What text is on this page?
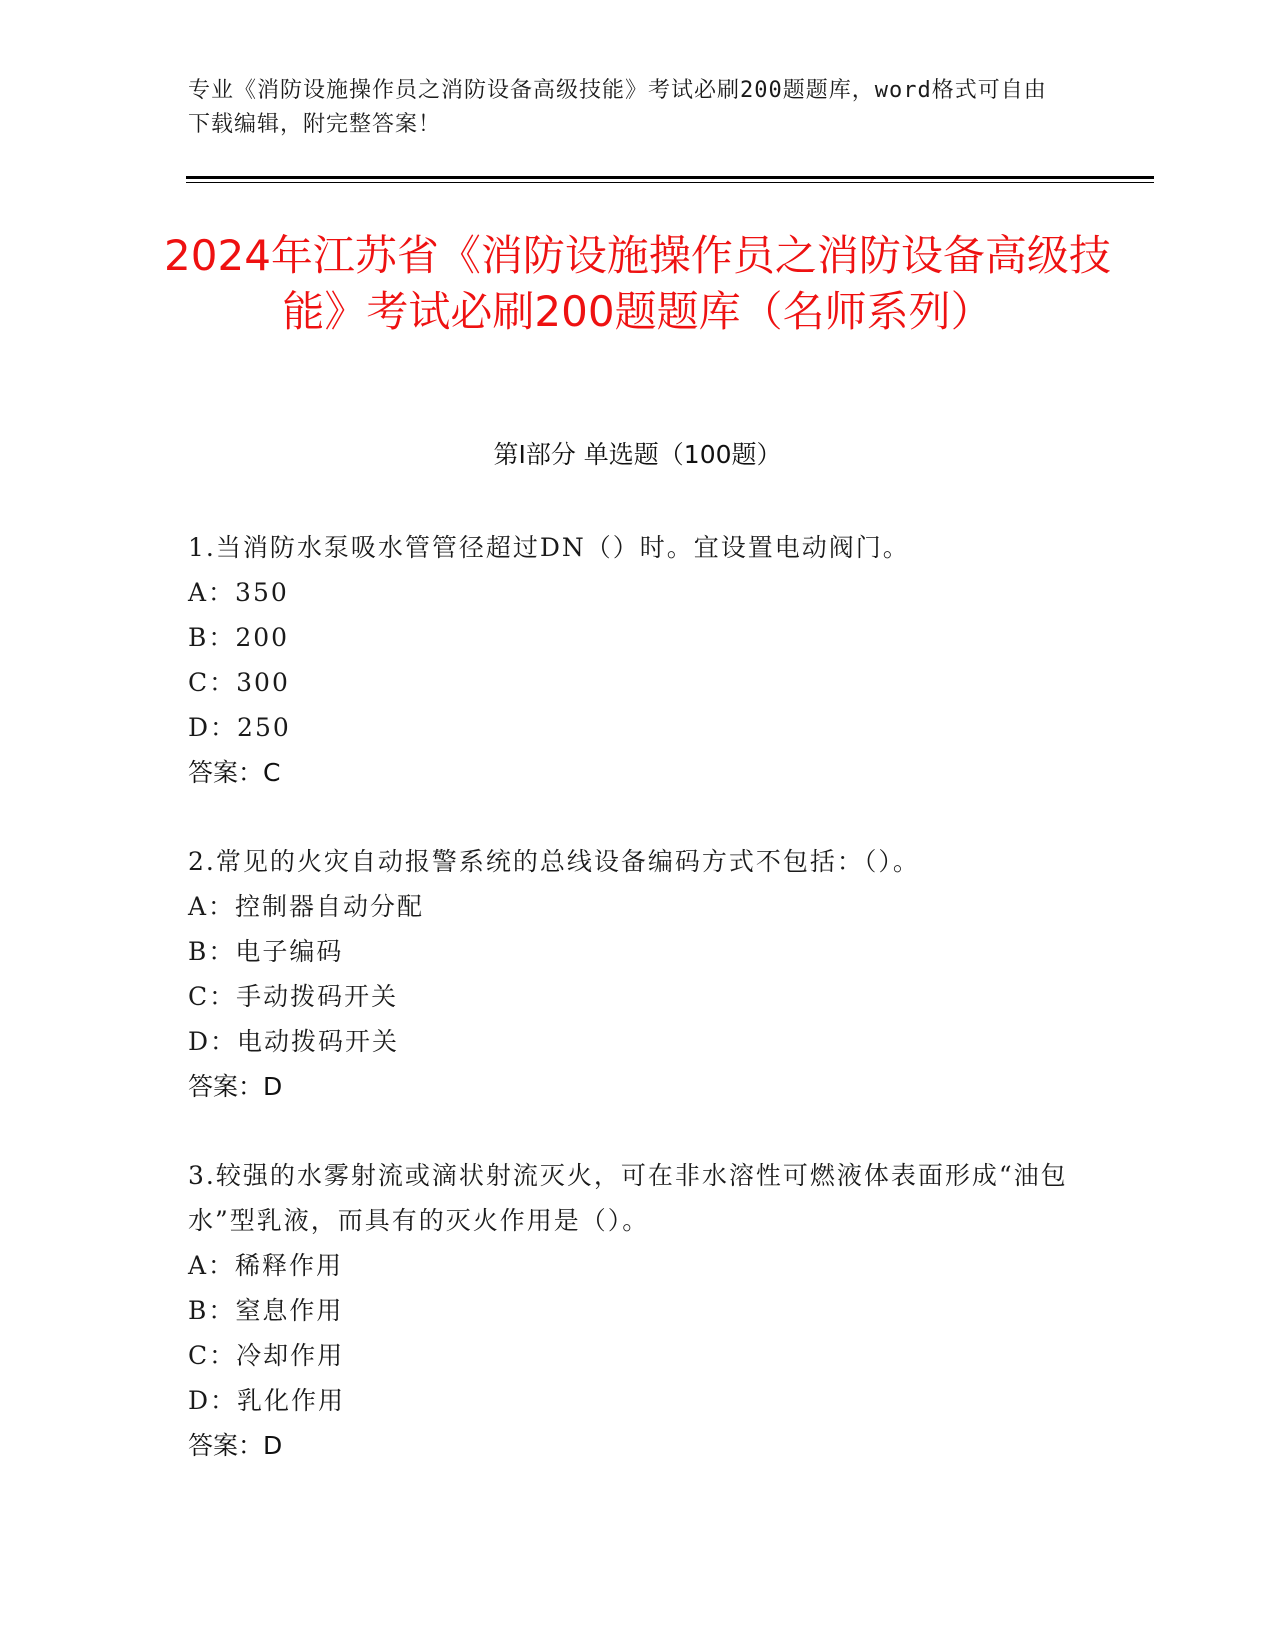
专业《消防设施操作员之消防设备高级技能》考试必刷200题题库，word格式可自由下载编辑，附完整答案！
2024年江苏省《消防设施操作员之消防设备高级技能》考试必刷200题题库（名师系列）
第I部分 单选题（100题）
1.当消防水泵吸水管管径超过DN（）时。宜设置电动阀门。
A：350
B：200
C：300
D：250
答案：C
2.常见的火灾自动报警系统的总线设备编码方式不包括：（）。
A：控制器自动分配
B：电子编码
C：手动拨码开关
D：电动拨码开关
答案：D
3.较强的水雾射流或滴状射流灭火，可在非水溶性可燃液体表面形成“油包水”型乳液，而具有的灭火作用是（）。
A：稀释作用
B：窒息作用
C：冷却作用
D：乳化作用
答案：D
